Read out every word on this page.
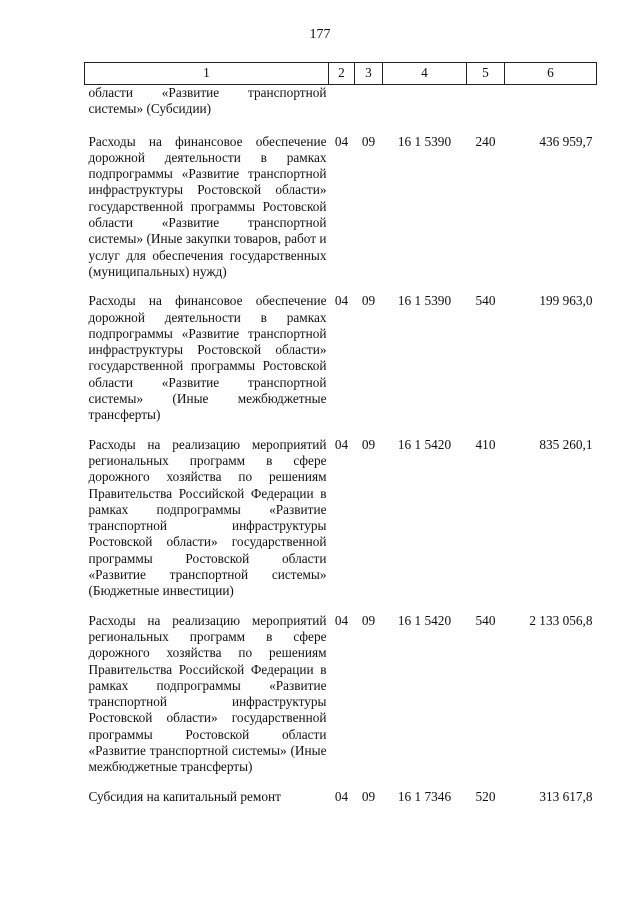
177
1	2	3	4	5	6
области «Развитие транспортной системы» (Субсидии)					
Расходы на финансовое обеспечение дорожной деятельности в рамках подпрограммы «Развитие транспортной инфраструктуры Ростовской области» государственной программы Ростовской области «Развитие транспортной системы» (Иные закупки товаров, работ и услуг для обеспечения государственных (муниципальных) нужд)	04	09	16 1 5390	240	436 959,7
Расходы на финансовое обеспечение дорожной деятельности в рамках подпрограммы «Развитие транспортной инфраструктуры Ростовской области» государственной программы Ростовской области «Развитие транспортной системы» (Иные межбюджетные трансферты)	04	09	16 1 5390	540	199 963,0
Расходы на реализацию мероприятий региональных программ в сфере дорожного хозяйства по решениям Правительства Российской Федерации в рамках подпрограммы «Развитие транспортной инфраструктуры Ростовской области» государственной программы Ростовской области «Развитие транспортной системы» (Бюджетные инвестиции)	04	09	16 1 5420	410	835 260,1
Расходы на реализацию мероприятий региональных программ в сфере дорожного хозяйства по решениям Правительства Российской Федерации в рамках подпрограммы «Развитие транспортной инфраструктуры Ростовской области» государственной программы Ростовской области «Развитие транспортной системы» (Иные межбюджетные трансферты)	04	09	16 1 5420	540	2 133 056,8
Субсидия на капитальный ремонт	04	09	16 1 7346	520	313 617,8
